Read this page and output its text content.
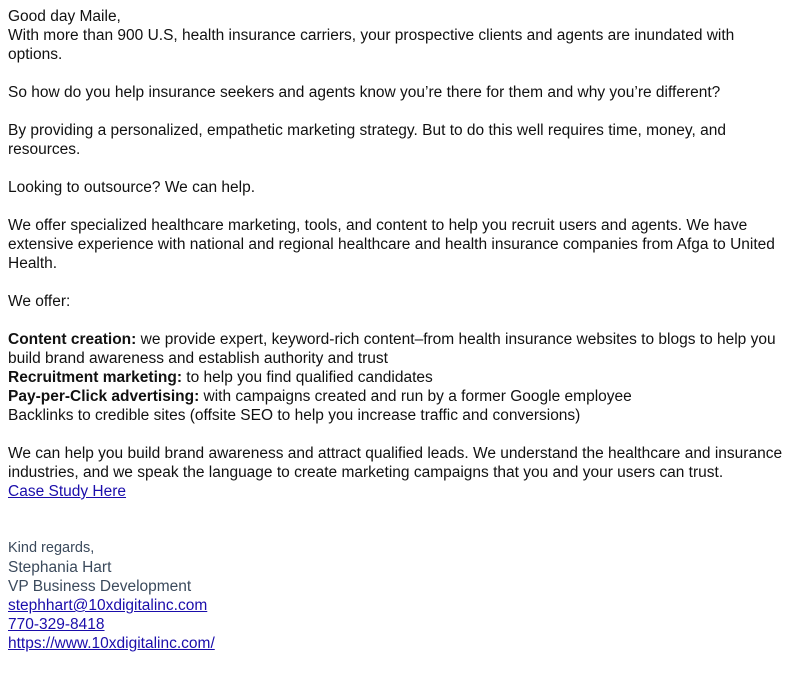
Good day Maile,

With more than 900 U.S, health insurance carriers, your prospective clients and agents are inundated with options.

So how do you help insurance seekers and agents know you’re there for them and why you’re different?

By providing a personalized, empathetic marketing strategy. But to do this well requires time, money, and resources.

Looking to outsource? We can help.

We offer specialized healthcare marketing, tools, and content to help you recruit users and agents. We have extensive experience with national and regional healthcare and health insurance companies from Afga to United Health.

We offer:

Content creation: we provide expert, keyword-rich content–from health insurance websites to blogs to help you build brand awareness and establish authority and trust

Recruitment marketing: to help you find qualified candidates

Pay-per-Click advertising: with campaigns created and run by a former Google employee

Backlinks to credible sites (offsite SEO to help you increase traffic and conversions)

We can help you build brand awareness and attract qualified leads. We understand the healthcare and insurance industries, and we speak the language to create marketing campaigns that you and your users can trust.

Case Study Here

Kind regards,

Stephania Hart

VP Business Development

stephhart@10xdigitalinc.com

770-329-8418

https://www.10xdigitalinc.com/
